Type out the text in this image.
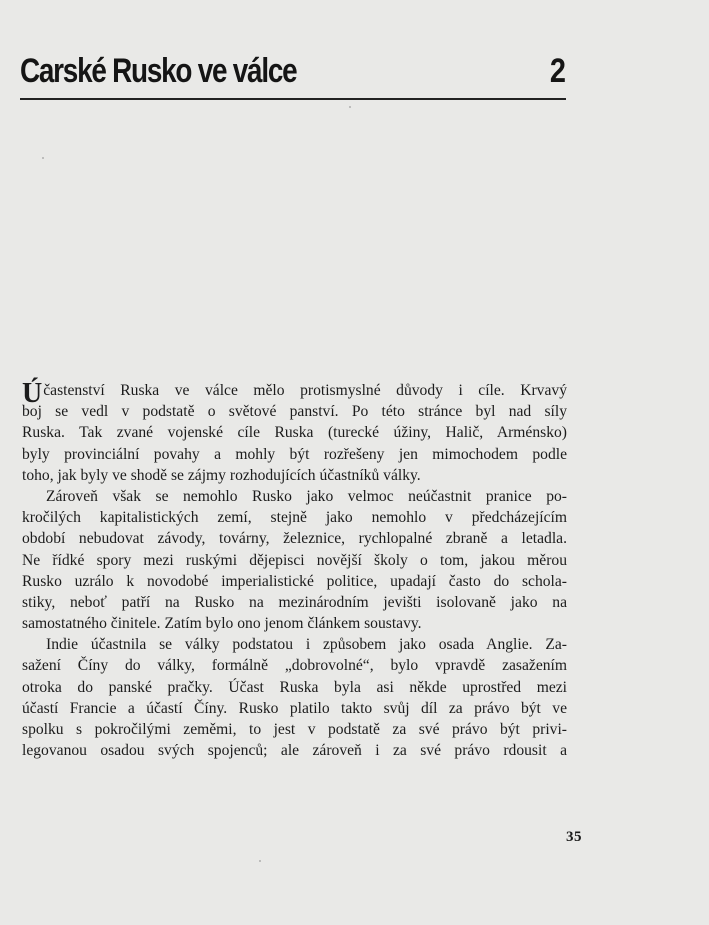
Carské Rusko ve válce	2
Účastenství Ruska ve válce mělo protismyslné důvody i cíle. Krvavý
boj se vedl v podstatě o světové panství. Po této stránce byl nad síly
Ruska. Tak zvané vojenské cíle Ruska (turecké úžiny, Halič, Arménsko)
byly provinciální povahy a mohly být rozřešeny jen mimochodem podle
toho, jak byly ve shodě se zájmy rozhodujících účastníků války.
Zároveň však se nemohlo Rusko jako velmoc neúčastnit pranice po-
kročilých kapitalistických zemí, stejně jako nemohlo v předcházejícím
období nebudovat závody, továrny, železnice, rychlopalné zbraně a letadla.
Ne řídké spory mezi ruskými dějepisci novější školy o tom, jakou měrou
Rusko uzrálo k novodobé imperialistické politice, upadají často do schola-
stiky, neboť patří na Rusko na mezinárodním jevišti isolovaně jako na
samostatného činitele. Zatím bylo ono jenom článkem soustavy.
Indie účastnila se války podstatou i způsobem jako osada Anglie. Za-
sažení Číny do války, formálně „dobrovolné“, bylo vpravdě zasažením
otroka do panské pračky. Účast Ruska byla asi někde uprostřed mezi
účastí Francie a účastí Číny. Rusko platilo takto svůj díl za právo být ve
spolku s pokročilými zeměmi, to jest v podstatě za své právo být privi-
legovanou osadou svých spojenců; ale zároveň i za své právo rdousit a
35
